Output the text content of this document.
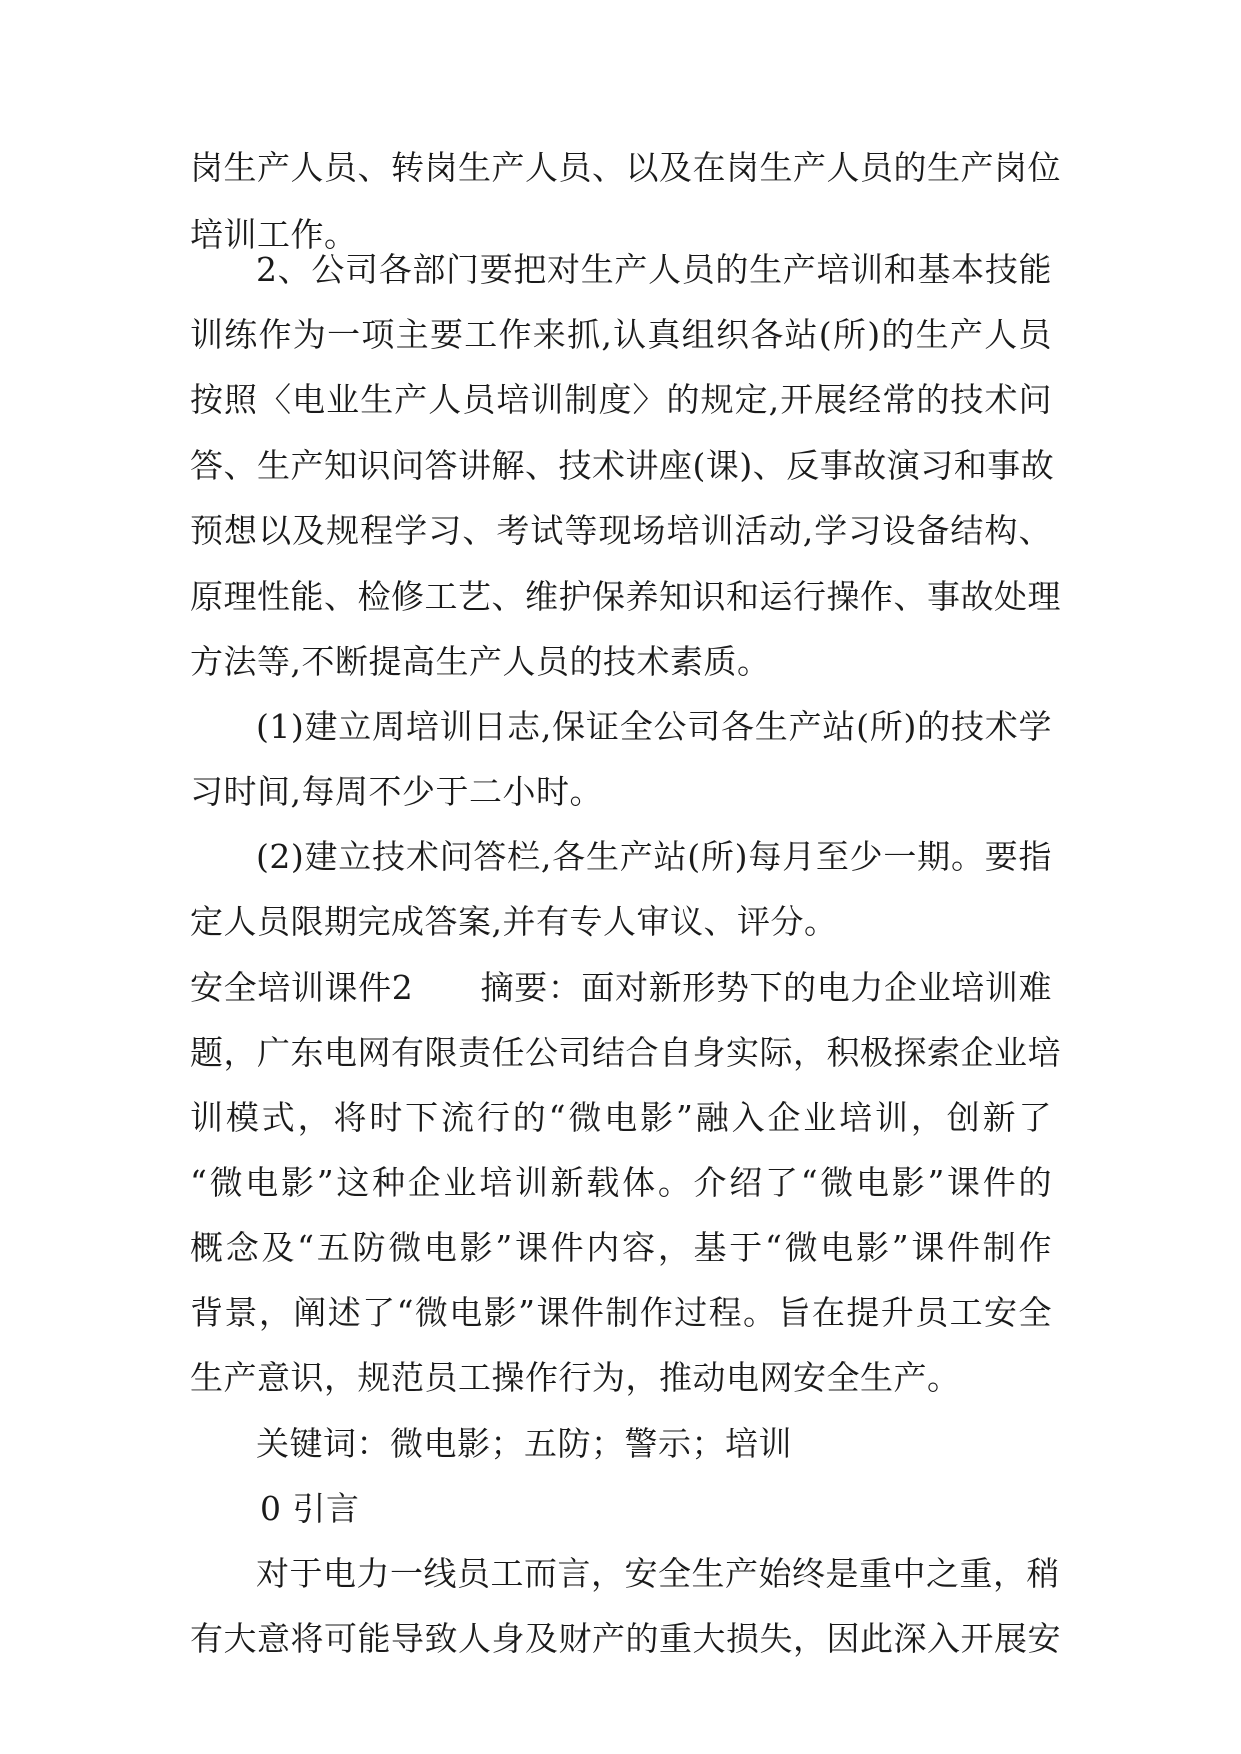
岗生产人员、转岗生产人员、以及在岗生产人员的生产岗位
培训工作。
2、公司各部门要把对生产人员的生产培训和基本技能
训练作为一项主要工作来抓,认真组织各站(所)的生产人员
按照〈电业生产人员培训制度〉的规定,开展经常的技术问
答、生产知识问答讲解、技术讲座(课)、反事故演习和事故
预想以及规程学习、考试等现场培训活动,学习设备结构、
原理性能、检修工艺、维护保养知识和运行操作、事故处理
方法等,不断提高生产人员的技术素质。
(1)建立周培训日志,保证全公司各生产站(所)的技术学
习时间,每周不少于二小时。
(2)建立技术问答栏,各生产站(所)每月至少一期。要指
定人员限期完成答案,并有专人审议、评分。
安全培训课件2　　摘要：面对新形势下的电力企业培训难
题，广东电网有限责任公司结合自身实际，积极探索企业培
训模式，将时下流行的“微电影”融入企业培训，创新了
“微电影”这种企业培训新载体。介绍了“微电影”课件的
概念及“五防微电影”课件内容，基于“微电影”课件制作
背景，阐述了“微电影”课件制作过程。旨在提升员工安全
生产意识，规范员工操作行为，推动电网安全生产。
关键词：微电影；五防；警示；培训
0 引言
对于电力一线员工而言，安全生产始终是重中之重，稍
有大意将可能导致人身及财产的重大损失，因此深入开展安
